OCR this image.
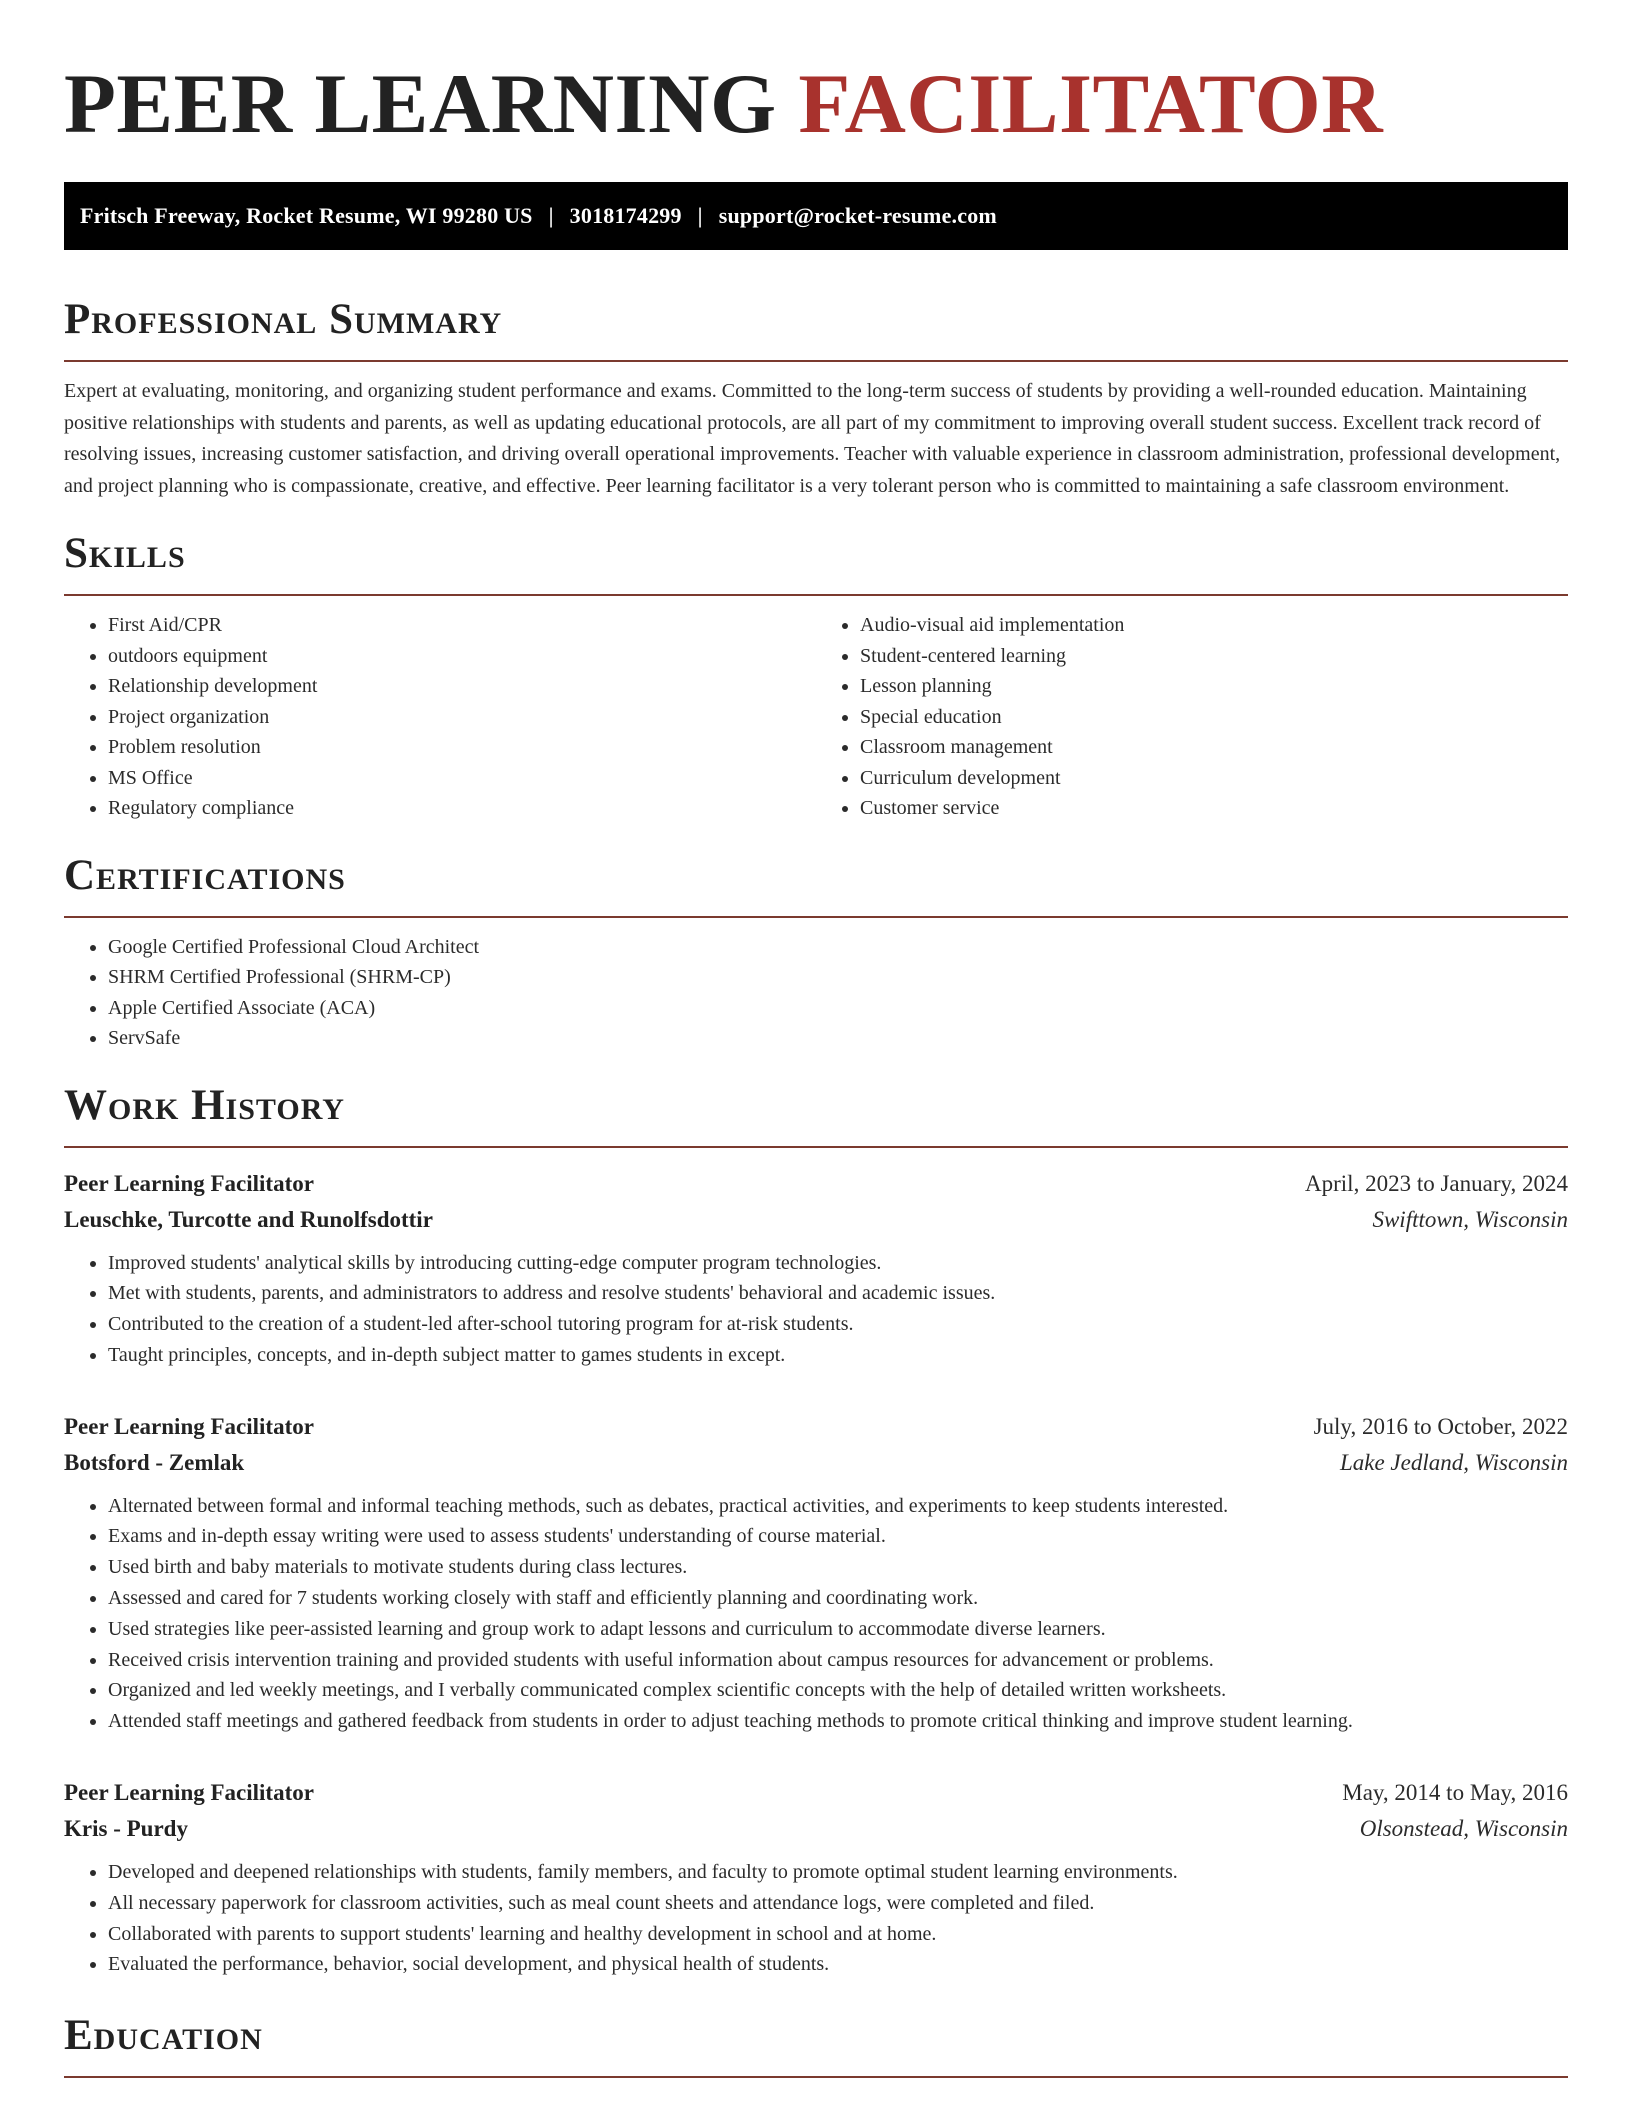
PEER LEARNING FACILITATOR
Fritsch Freeway, Rocket Resume, WI 99280 US | 3018174299 | support@rocket-resume.com
Professional Summary

Expert at evaluating, monitoring, and organizing student performance and exams. Committed to the long-term success of students by providing a well-rounded education. Maintaining positive relationships with students and parents, as well as updating educational protocols, are all part of my commitment to improving overall student success. Excellent track record of resolving issues, increasing customer satisfaction, and driving overall operational improvements. Teacher with valuable experience in classroom administration, professional development, and project planning who is compassionate, creative, and effective. Peer learning facilitator is a very tolerant person who is committed to maintaining a safe classroom environment.

Skills
• First Aid/CPR
• outdoors equipment
• Relationship development
• Project organization
• Problem resolution
• MS Office
• Regulatory compliance
• Audio-visual aid implementation
• Student-centered learning
• Lesson planning
• Special education
• Classroom management
• Curriculum development
• Customer service
Certifications
• Google Certified Professional Cloud Architect
• SHRM Certified Professional (SHRM-CP)
• Apple Certified Associate (ACA)
• ServSafe
Work History
Peer Learning Facilitator	April, 2023 to January, 2024
Leuschke, Turcotte and Runolfsdottir	Swifttown, Wisconsin
• Improved students' analytical skills by introducing cutting-edge computer program technologies.
• Met with students, parents, and administrators to address and resolve students' behavioral and academic issues.
• Contributed to the creation of a student-led after-school tutoring program for at-risk students.
• Taught principles, concepts, and in-depth subject matter to games students in except.
Peer Learning Facilitator	July, 2016 to October, 2022
Botsford - Zemlak	Lake Jedland, Wisconsin
• Alternated between formal and informal teaching methods, such as debates, practical activities, and experiments to keep students interested.
• Exams and in-depth essay writing were used to assess students' understanding of course material.
• Used birth and baby materials to motivate students during class lectures.
• Assessed and cared for 7 students working closely with staff and efficiently planning and coordinating work.
• Used strategies like peer-assisted learning and group work to adapt lessons and curriculum to accommodate diverse learners.
• Received crisis intervention training and provided students with useful information about campus resources for advancement or problems.
• Organized and led weekly meetings, and I verbally communicated complex scientific concepts with the help of detailed written worksheets.
• Attended staff meetings and gathered feedback from students in order to adjust teaching methods to promote critical thinking and improve student learning.
Peer Learning Facilitator	May, 2014 to May, 2016
Kris - Purdy	Olsonstead, Wisconsin
• Developed and deepened relationships with students, family members, and faculty to promote optimal student learning environments.
• All necessary paperwork for classroom activities, such as meal count sheets and attendance logs, were completed and filed.
• Collaborated with parents to support students' learning and healthy development in school and at home.
• Evaluated the performance, behavior, social development, and physical health of students.
Education
